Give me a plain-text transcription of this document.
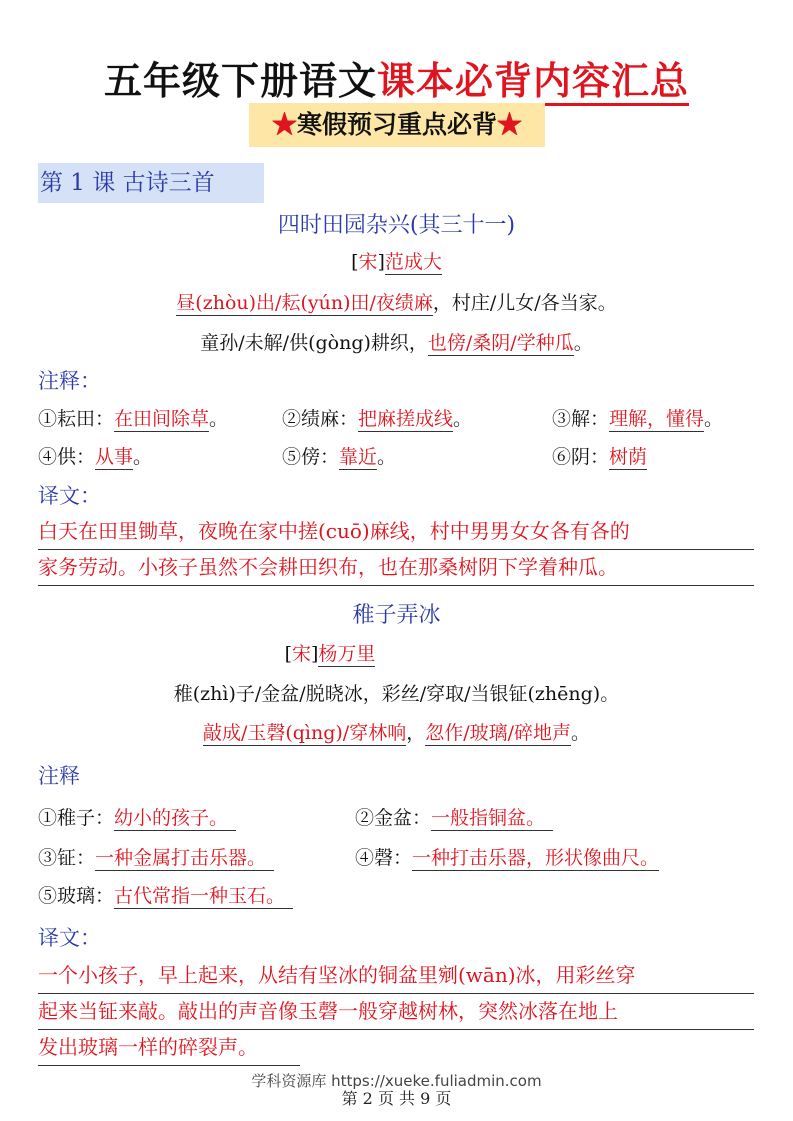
五年级下册语文课本必背内容汇总
★寒假预习重点必背★
第 1 课 古诗三首
四时田园杂兴(其三十一)
[宋]范成大
昼(zhòu)出/耘(yún)田/夜绩麻，村庄/儿女/各当家。
童孙/未解/供(gòng)耕织，也傍/桑阴/学种瓜。
注释：
①耘田：在田间除草。	②绩麻：把麻搓成线。	③解：理解，懂得。
④供：从事。	⑤傍：靠近。	⑥阴：树荫
译文：
白天在田里锄草，夜晚在家中搓(cuō)麻线，村中男男女女各有各的
家务劳动。小孩子虽然不会耕田织布，也在那桑树阴下学着种瓜。
稚子弄冰
[宋]杨万里
稚(zhì)子/金盆/脱晓冰，彩丝/穿取/当银钲(zhēng)。
敲成/玉磬(qìng)/穿林响，忽作/玻璃/碎地声。
注释
①稚子：幼小的孩子。	②金盆：一般指铜盆。
③钲：一种金属打击乐器。	④磬：一种打击乐器，形状像曲尺。
⑤玻璃：古代常指一种玉石。
译文：
一个小孩子，早上起来，从结有坚冰的铜盆里剜(wān)冰，用彩丝穿
起来当钲来敲。敲出的声音像玉磬一般穿越树林，突然冰落在地上
发出玻璃一样的碎裂声。
学科资源库 https://xueke.fuliadmin.com
第 2 页 共 9 页
